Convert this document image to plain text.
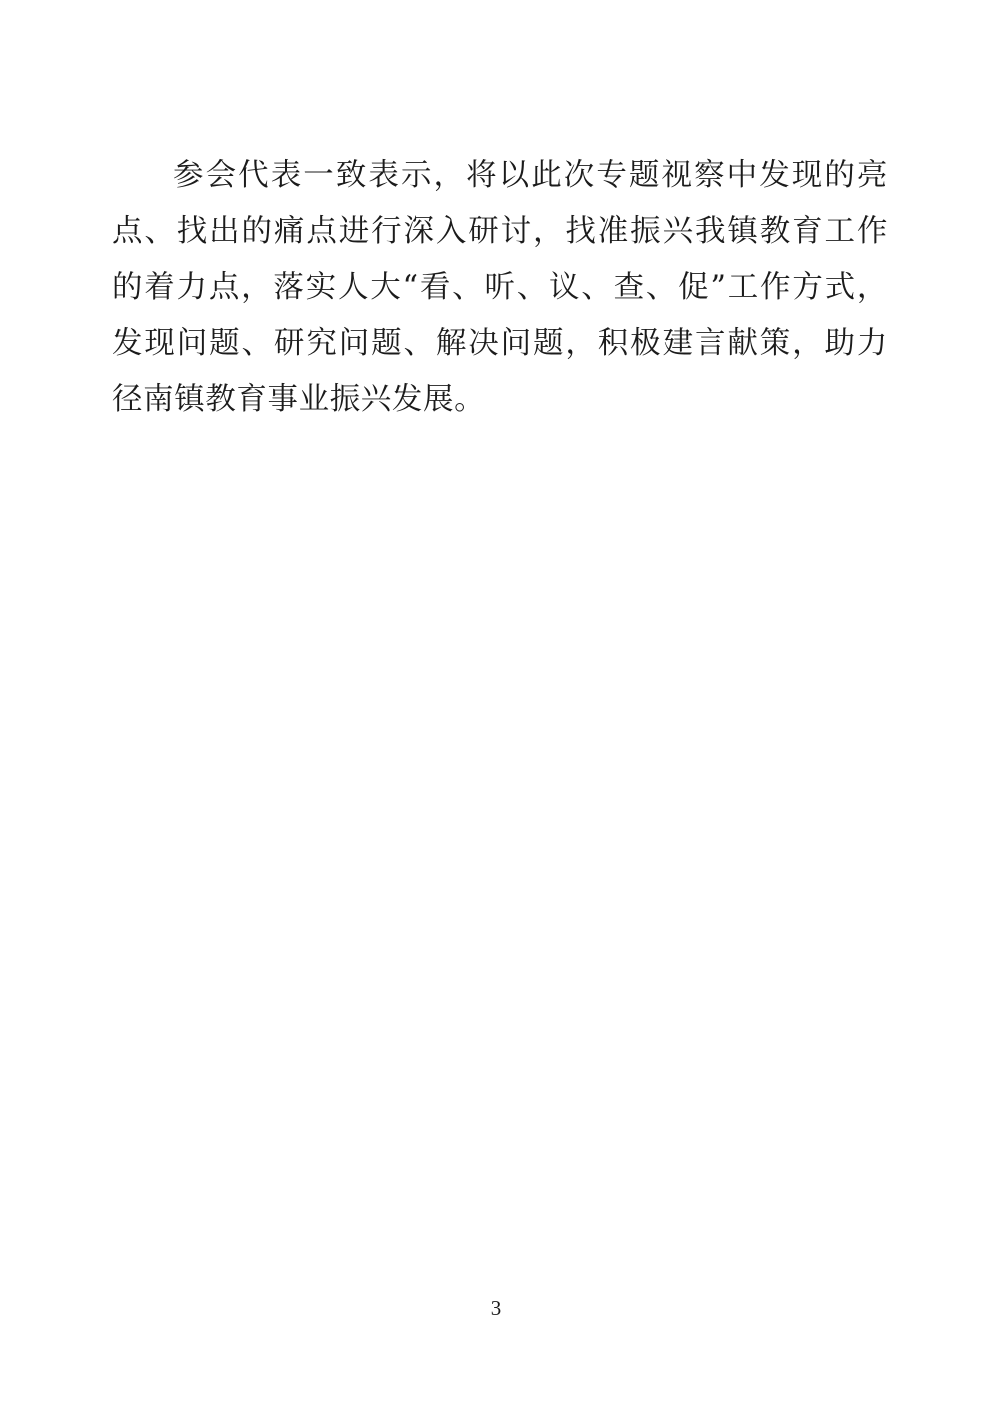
参会代表一致表示，将以此次专题视察中发现的亮点、找出的痛点进行深入研讨，找准振兴我镇教育工作的着力点，落实人大“看、听、议、查、促”工作方式，发现问题、研究问题、解决问题，积极建言献策，助力径南镇教育事业振兴发展。

3
